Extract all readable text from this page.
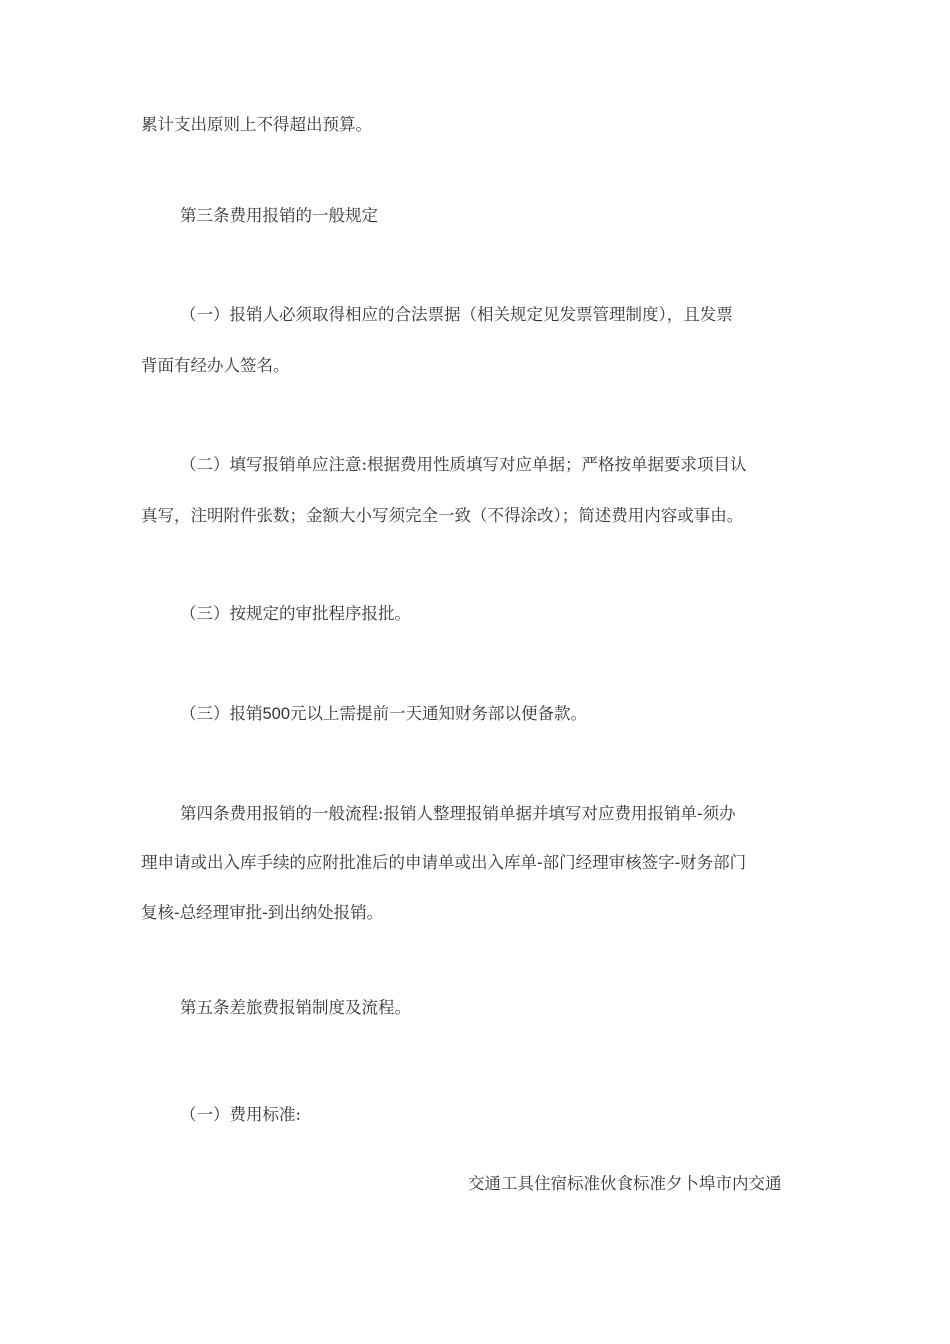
累计支出原则上不得超出预算。

第三条费用报销的一般规定

（一）报销人必须取得相应的合法票据（相关规定见发票管理制度），且发票

背面有经办人签名。

（二）填写报销单应注意:根据费用性质填写对应单据；严格按单据要求项目认

真写，注明附件张数；金额大小写须完全一致（不得涂改）；简述费用内容或事由。

（三）按规定的审批程序报批。

（三）报销500元以上需提前一天通知财务部以便备款。

第四条费用报销的一般流程:报销人整理报销单据并填写对应费用报销单-须办

理申请或出入库手续的应附批准后的申请单或出入库单-部门经理审核签字-财务部门

复核-总经理审批-到出纳处报销。

第五条差旅费报销制度及流程。

（一）费用标准:

交通工具住宿标准伙食标准夕卜埠市内交通
